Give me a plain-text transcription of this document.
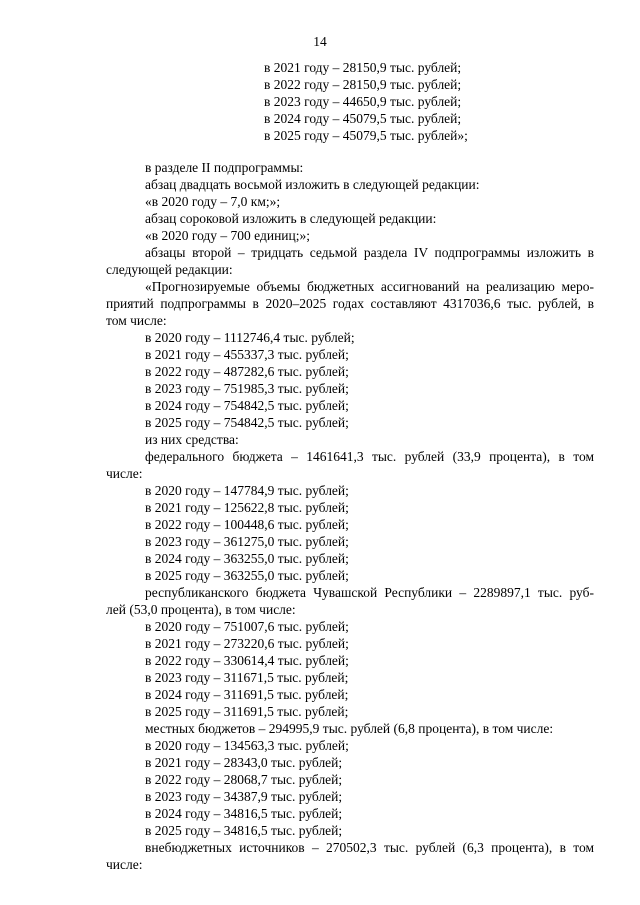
14
в 2021 году – 28150,9 тыс. рублей;
в 2022 году – 28150,9 тыс. рублей;
в 2023 году – 44650,9 тыс. рублей;
в 2024 году – 45079,5 тыс. рублей;
в 2025 году – 45079,5 тыс. рублей»;
в разделе II подпрограммы:
абзац двадцать восьмой изложить в следующей редакции:
«в 2020 году – 7,0 км;»;
абзац сороковой изложить в следующей редакции:
«в 2020 году – 700 единиц;»;
абзацы второй – тридцать седьмой раздела IV подпрограммы изложить в
следующей редакции:
«Прогнозируемые объемы бюджетных ассигнований на реализацию меро-
приятий подпрограммы в 2020–2025 годах составляют 4317036,6 тыс. рублей, в
том числе:
в 2020 году – 1112746,4 тыс. рублей;
в 2021 году – 455337,3 тыс. рублей;
в 2022 году – 487282,6 тыс. рублей;
в 2023 году – 751985,3 тыс. рублей;
в 2024 году – 754842,5 тыс. рублей;
в 2025 году – 754842,5 тыс. рублей;
из них средства:
федерального бюджета – 1461641,3 тыс. рублей (33,9 процента), в том
числе:
в 2020 году – 147784,9 тыс. рублей;
в 2021 году – 125622,8 тыс. рублей;
в 2022 году – 100448,6 тыс. рублей;
в 2023 году – 361275,0 тыс. рублей;
в 2024 году – 363255,0 тыс. рублей;
в 2025 году – 363255,0 тыс. рублей;
республиканского бюджета Чувашской Республики – 2289897,1 тыс. руб-
лей (53,0 процента), в том числе:
в 2020 году – 751007,6 тыс. рублей;
в 2021 году – 273220,6 тыс. рублей;
в 2022 году – 330614,4 тыс. рублей;
в 2023 году – 311671,5 тыс. рублей;
в 2024 году – 311691,5 тыс. рублей;
в 2025 году – 311691,5 тыс. рублей;
местных бюджетов – 294995,9 тыс. рублей (6,8 процента), в том числе:
в 2020 году – 134563,3 тыс. рублей;
в 2021 году – 28343,0 тыс. рублей;
в 2022 году – 28068,7 тыс. рублей;
в 2023 году – 34387,9 тыс. рублей;
в 2024 году – 34816,5 тыс. рублей;
в 2025 году – 34816,5 тыс. рублей;
внебюджетных источников – 270502,3 тыс. рублей (6,3 процента), в том
числе:
